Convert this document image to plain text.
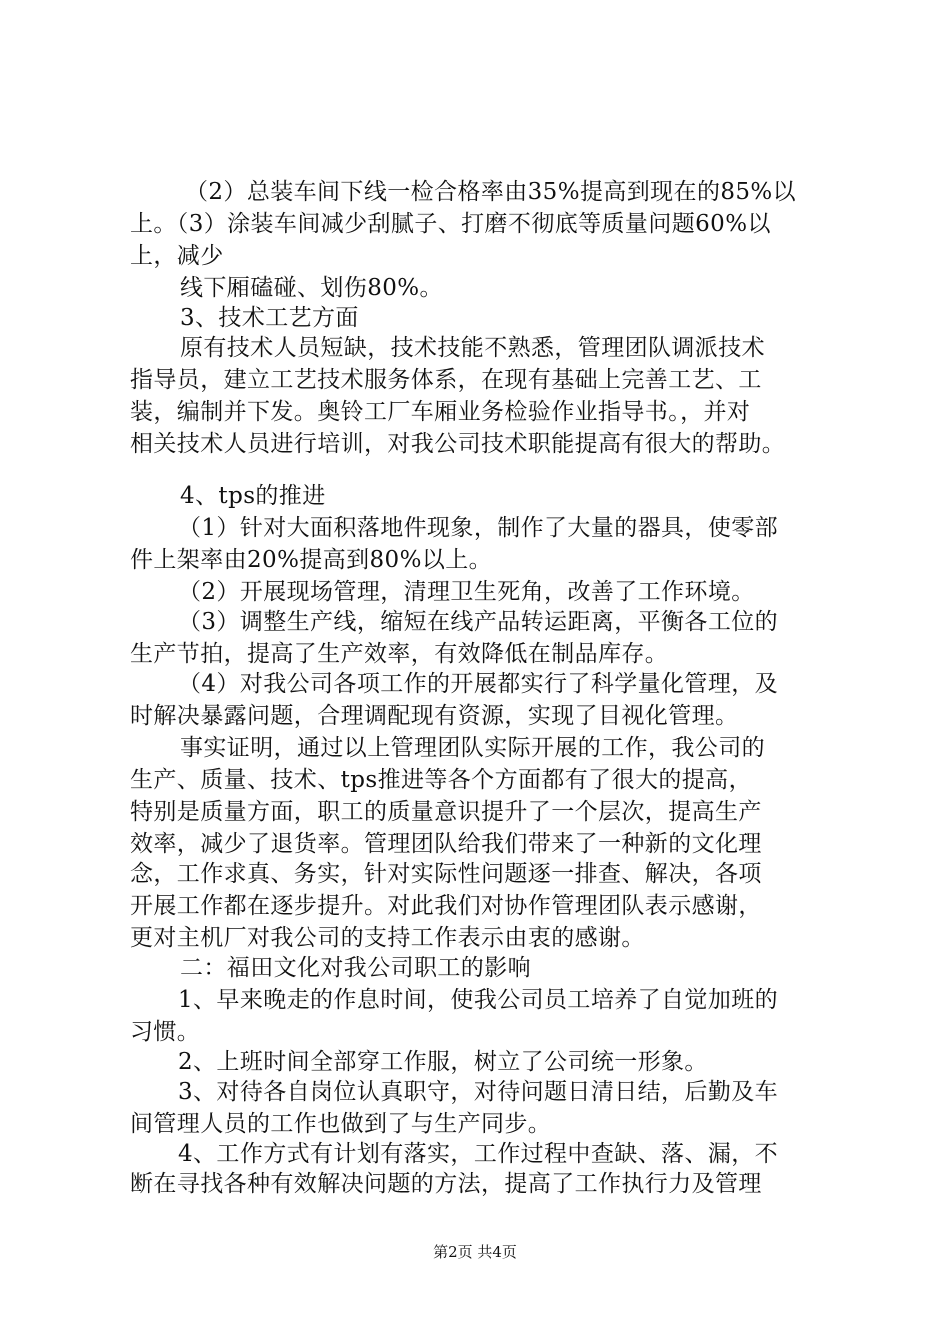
（2）总装车间下线一检合格率由35%提高到现在的85%以
上。（3）涂装车间减少刮腻子、打磨不彻底等质量问题60%以
上，减少
线下厢磕碰、划伤80%。
3、技术工艺方面
原有技术人员短缺，技术技能不熟悉，管理团队调派技术
指导员，建立工艺技术服务体系，在现有基础上完善工艺、工
装，编制并下发。奥铃工厂车厢业务检验作业指导书。，并对
相关技术人员进行培训，对我公司技术职能提高有很大的帮助。
4、tps的推进
（1）针对大面积落地件现象，制作了大量的器具，使零部
件上架率由20%提高到80%以上。
（2）开展现场管理，清理卫生死角，改善了工作环境。
（3）调整生产线，缩短在线产品转运距离，平衡各工位的
生产节拍，提高了生产效率，有效降低在制品库存。
（4）对我公司各项工作的开展都实行了科学量化管理，及
时解决暴露问题，合理调配现有资源，实现了目视化管理。
事实证明，通过以上管理团队实际开展的工作，我公司的
生产、质量、技术、tps推进等各个方面都有了很大的提高，
特别是质量方面，职工的质量意识提升了一个层次，提高生产
效率，减少了退货率。管理团队给我们带来了一种新的文化理
念，工作求真、务实，针对实际性问题逐一排查、解决，各项
开展工作都在逐步提升。对此我们对协作管理团队表示感谢，
更对主机厂对我公司的支持工作表示由衷的感谢。
二：福田文化对我公司职工的影响
1、早来晚走的作息时间，使我公司员工培养了自觉加班的
习惯。
2、上班时间全部穿工作服，树立了公司统一形象。
3、对待各自岗位认真职守，对待问题日清日结，后勤及车
间管理人员的工作也做到了与生产同步。
4、工作方式有计划有落实，工作过程中查缺、落、漏，不
断在寻找各种有效解决问题的方法，提高了工作执行力及管理
第2页 共4页
